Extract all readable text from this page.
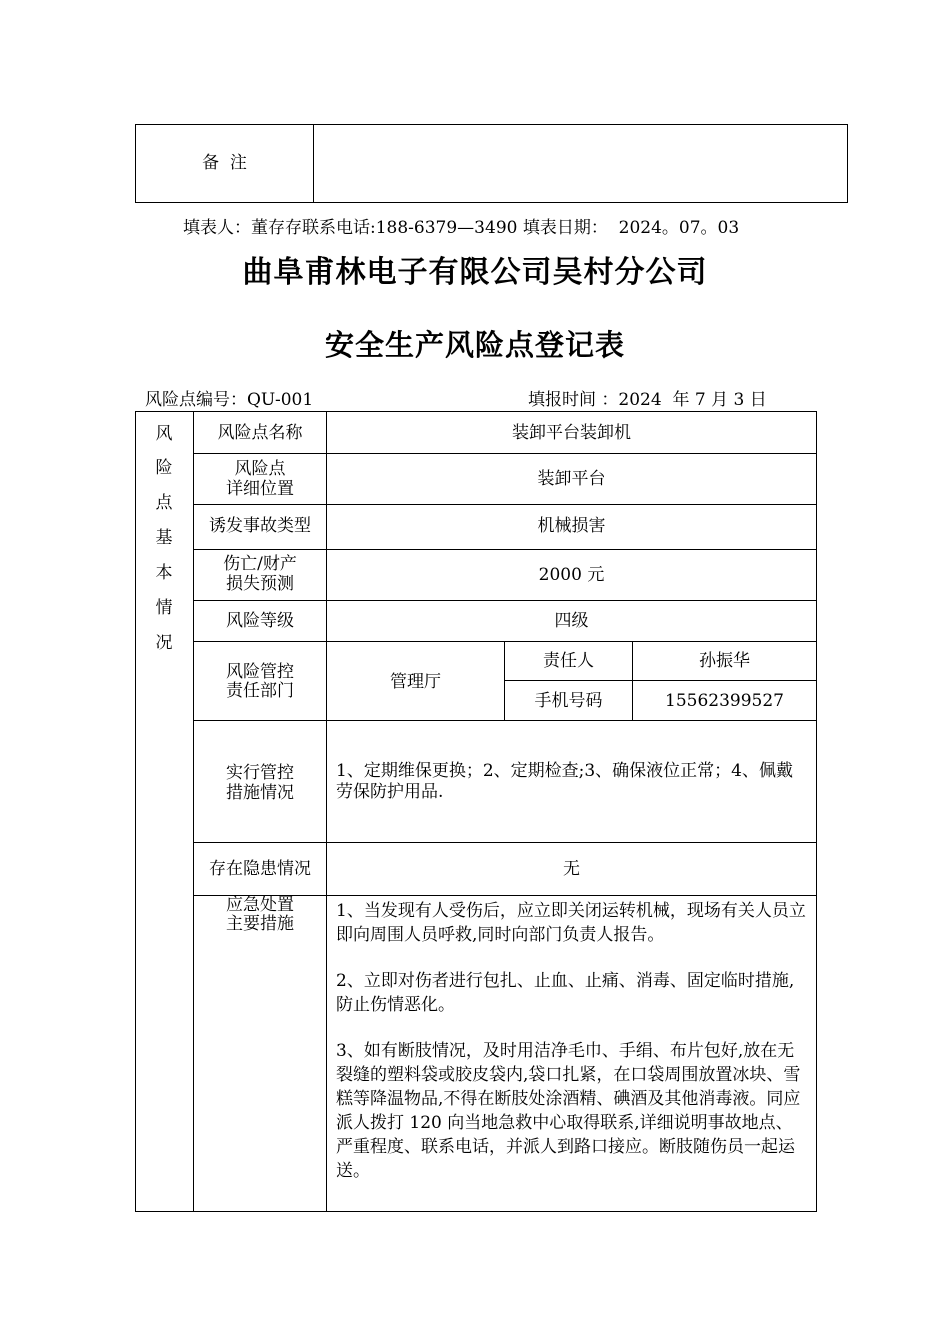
备  注
填表人：董存存联系电话:188-6379—3490 填表日期：  2024。07。03
曲阜甫林电子有限公司吴村分公司
安全生产风险点登记表
风险点编号：QU-001	填报时间 ：2024  年 7 月 3 日
风
险
点
基
本
情
况
风险点名称	装卸平台装卸机
风险点
详细位置	装卸平台
诱发事故类型	机械损害
伤亡/财产
损失预测	2000 元
风险等级	四级
风险管控
责任部门	管理厅
责任人	孙振华
手机号码	15562399527
实行管控
措施情况
1、定期维保更换；2、定期检查;3、确保液位正常；4、佩戴劳保防护用品.
存在隐患情况	无
应急处置
主要措施
1、当发现有人受伤后，应立即关闭运转机械，现场有关人员立即向周围人员呼救,同时向部门负责人报告。
2、立即对伤者进行包扎、止血、止痛、消毒、固定临时措施,防止伤情恶化。
3、如有断肢情况，及时用洁净毛巾、手绢、布片包好,放在无裂缝的塑料袋或胶皮袋内,袋口扎紧，在口袋周围放置冰块、雪糕等降温物品,不得在断肢处涂酒精、碘酒及其他消毒液。同应派人拨打 120 向当地急救中心取得联系,详细说明事故地点、严重程度、联系电话，并派人到路口接应。断肢随伤员一起运送。
